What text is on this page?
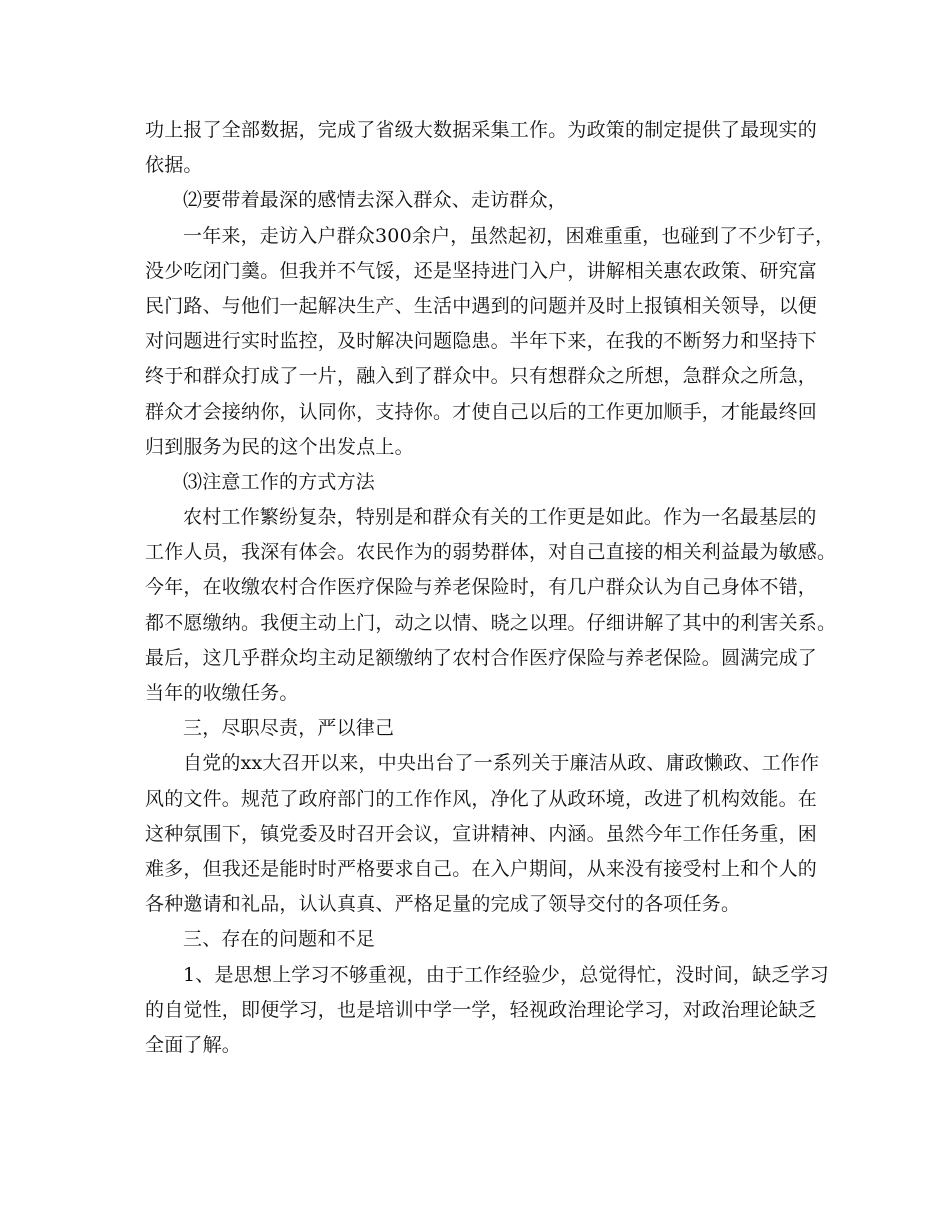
功上报了全部数据，完成了省级大数据采集工作。为政策的制定提供了最现实的
依据。
⑵要带着最深的感情去深入群众、走访群众，
一年来，走访入户群众300余户，虽然起初，困难重重，也碰到了不少钉子，
没少吃闭门羹。但我并不气馁，还是坚持进门入户，讲解相关惠农政策、研究富
民门路、与他们一起解决生产、生活中遇到的问题并及时上报镇相关领导，以便
对问题进行实时监控，及时解决问题隐患。半年下来，在我的不断努力和坚持下
终于和群众打成了一片，融入到了群众中。只有想群众之所想，急群众之所急，
群众才会接纳你，认同你，支持你。才使自己以后的工作更加顺手，才能最终回
归到服务为民的这个出发点上。
⑶注意工作的方式方法
农村工作繁纷复杂，特别是和群众有关的工作更是如此。作为一名最基层的
工作人员，我深有体会。农民作为的弱势群体，对自己直接的相关利益最为敏感。
今年，在收缴农村合作医疗保险与养老保险时，有几户群众认为自己身体不错，
都不愿缴纳。我便主动上门，动之以情、晓之以理。仔细讲解了其中的利害关系。
最后，这几乎群众均主动足额缴纳了农村合作医疗保险与养老保险。圆满完成了
当年的收缴任务。
三，尽职尽责，严以律己
自党的xx大召开以来，中央出台了一系列关于廉洁从政、庸政懒政、工作作
风的文件。规范了政府部门的工作作风，净化了从政环境，改进了机构效能。在
这种氛围下，镇党委及时召开会议，宣讲精神、内涵。虽然今年工作任务重，困
难多，但我还是能时时严格要求自己。在入户期间，从来没有接受村上和个人的
各种邀请和礼品，认认真真、严格足量的完成了领导交付的各项任务。
三、存在的问题和不足
1、是思想上学习不够重视，由于工作经验少，总觉得忙，没时间，缺乏学习
的自觉性，即便学习，也是培训中学一学，轻视政治理论学习，对政治理论缺乏
全面了解。
